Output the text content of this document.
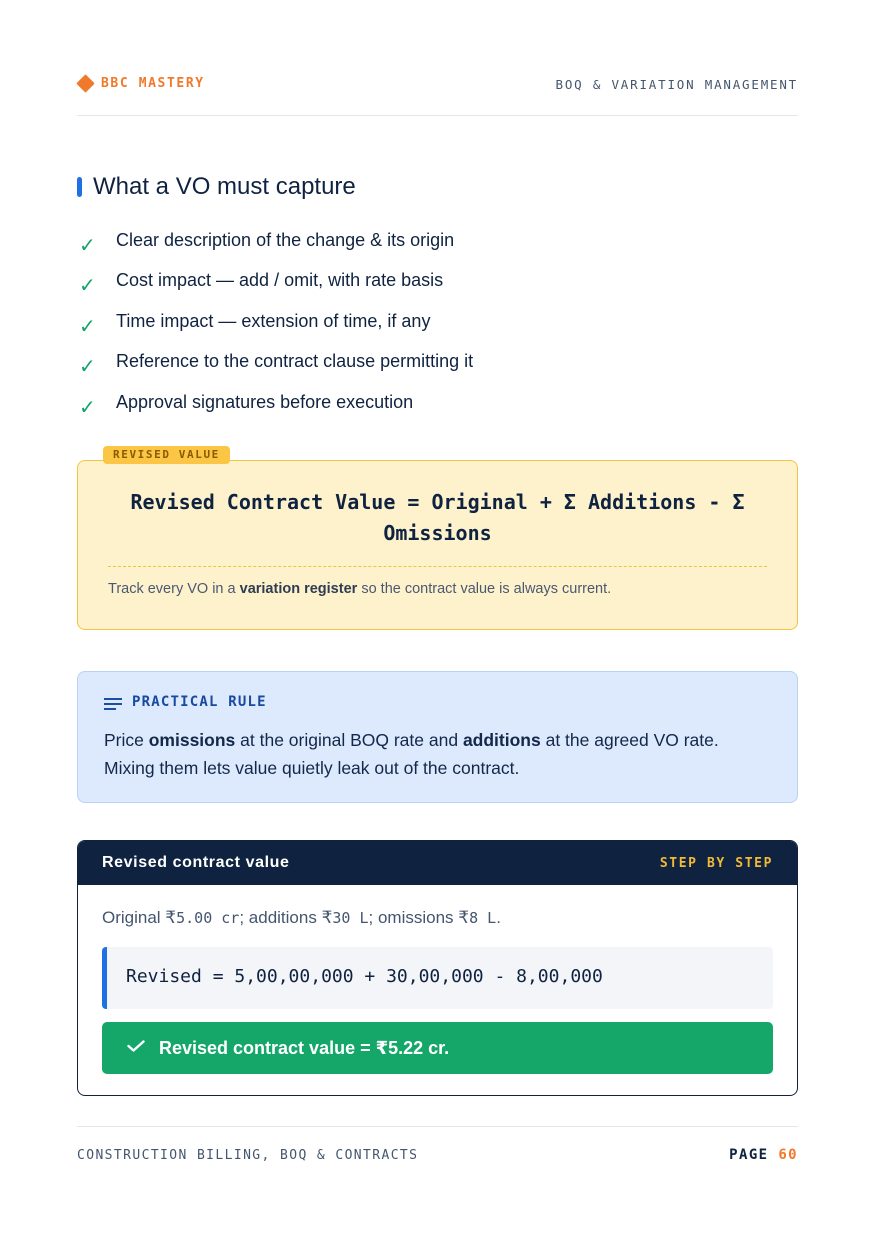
BBC MASTERY	BOQ & VARIATION MANAGEMENT
What a VO must capture
✓	Clear description of the change & its origin
✓	Cost impact — add / omit, with rate basis
✓	Time impact — extension of time, if any
✓	Reference to the contract clause permitting it
✓	Approval signatures before execution
Revised Contract Value = Original + Σ Additions - Σ Omissions
Track every VO in a variation register so the contract value is always current.
REVISED VALUE
PRACTICAL RULE
Price omissions at the original BOQ rate and additions at the agreed VO rate. Mixing them lets value quietly leak out of the contract.
Revised contract value	STEP BY STEP
Original ₹5.00 cr; additions ₹30 L; omissions ₹8 L.
Revised = 5,00,00,000 + 30,00,000 - 8,00,000
Revised contract value = ₹5.22 cr.
CONSTRUCTION BILLING, BOQ & CONTRACTS	PAGE 60
